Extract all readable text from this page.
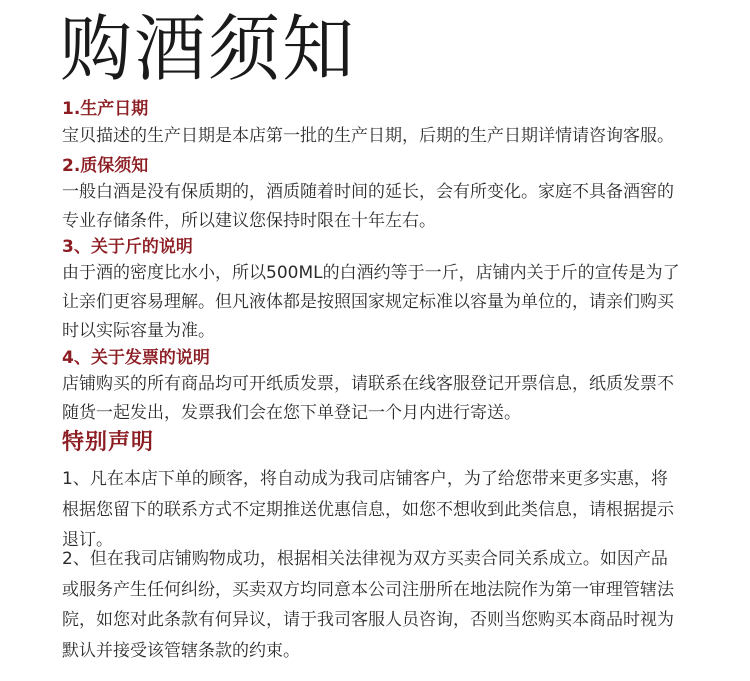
购酒须知
1.生产日期
宝贝描述的生产日期是本店第一批的生产日期，后期的生产日期详情请咨询客服。
2.质保须知
一般白酒是没有保质期的，酒质随着时间的延长，会有所变化。家庭不具备酒窖的
专业存储条件，所以建议您保持时限在十年左右。
3、关于斤的说明
由于酒的密度比水小，所以500ML的白酒约等于一斤，店铺内关于斤的宣传是为了
让亲们更容易理解。但凡液体都是按照国家规定标准以容量为单位的，请亲们购买
时以实际容量为准。
4、关于发票的说明
店铺购买的所有商品均可开纸质发票，请联系在线客服登记开票信息，纸质发票不
随货一起发出，发票我们会在您下单登记一个月内进行寄送。
特别声明
1、凡在本店下单的顾客，将自动成为我司店铺客户，为了给您带来更多实惠，将
根据您留下的联系方式不定期推送优惠信息，如您不想收到此类信息，请根据提示
退订。
2、但在我司店铺购物成功，根据相关法律视为双方买卖合同关系成立。如因产品
或服务产生任何纠纷，买卖双方均同意本公司注册所在地法院作为第一审理管辖法
院，如您对此条款有何异议，请于我司客服人员咨询，否则当您购买本商品时视为
默认并接受该管辖条款的约束。
